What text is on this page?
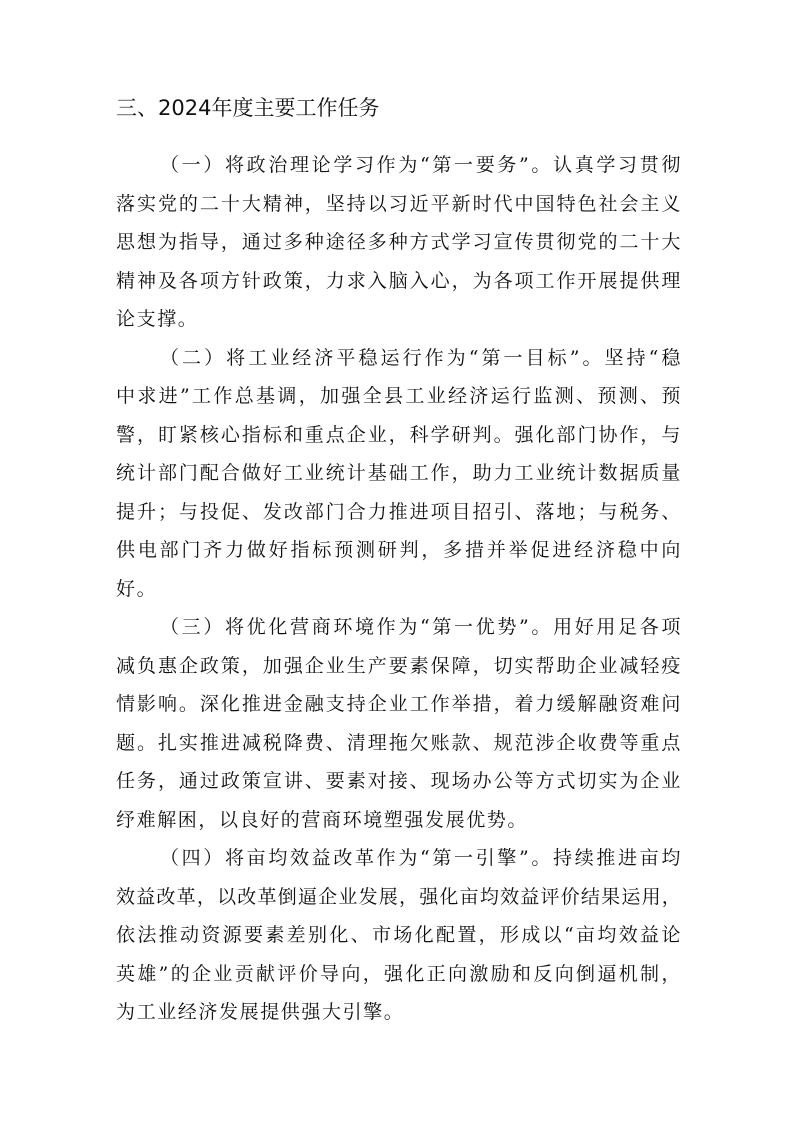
三、2024年度主要工作任务

（一）将政治理论学习作为“第一要务”。认真学习贯彻
落实党的二十大精神，坚持以习近平新时代中国特色社会主义
思想为指导，通过多种途径多种方式学习宣传贯彻党的二十大
精神及各项方针政策，力求入脑入心，为各项工作开展提供理
论支撑。

（二）将工业经济平稳运行作为“第一目标”。坚持“稳
中求进”工作总基调，加强全县工业经济运行监测、预测、预
警，盯紧核心指标和重点企业，科学研判。强化部门协作，与
统计部门配合做好工业统计基础工作，助力工业统计数据质量
提升；与投促、发改部门合力推进项目招引、落地；与税务、
供电部门齐力做好指标预测研判，多措并举促进经济稳中向
好。

（三）将优化营商环境作为“第一优势”。用好用足各项
减负惠企政策，加强企业生产要素保障，切实帮助企业减轻疫
情影响。深化推进金融支持企业工作举措，着力缓解融资难问
题。扎实推进减税降费、清理拖欠账款、规范涉企收费等重点
任务，通过政策宣讲、要素对接、现场办公等方式切实为企业
纾难解困，以良好的营商环境塑强发展优势。

（四）将亩均效益改革作为“第一引擎”。持续推进亩均
效益改革，以改革倒逼企业发展，强化亩均效益评价结果运用，
依法推动资源要素差别化、市场化配置，形成以“亩均效益论
英雄”的企业贡献评价导向，强化正向激励和反向倒逼机制，
为工业经济发展提供强大引擎。
